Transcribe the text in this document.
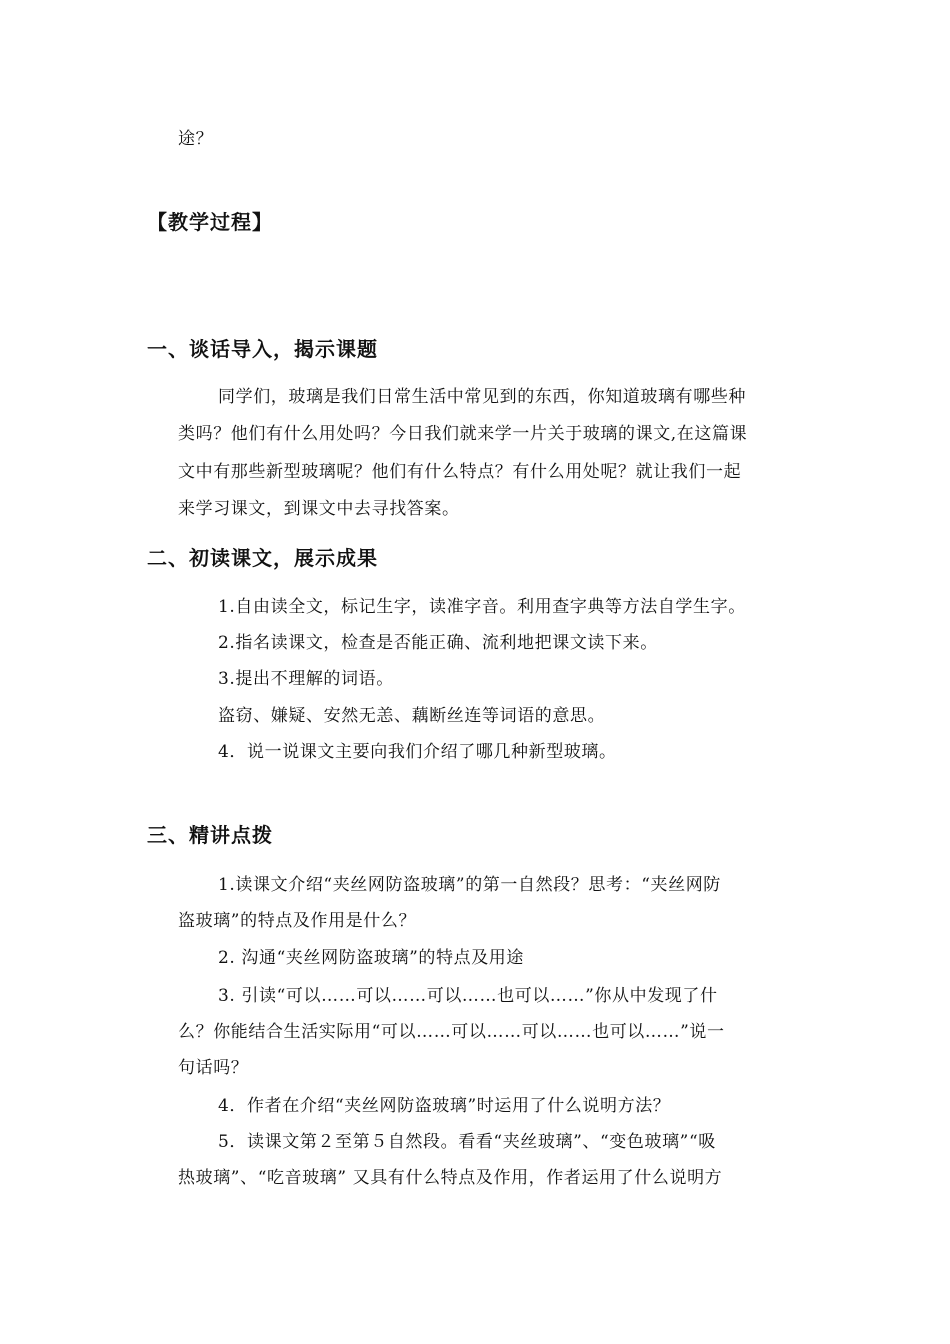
途？
【教学过程】
一、谈话导入，揭示课题
同学们，玻璃是我们日常生活中常见到的东西，你知道玻璃有哪些种
类吗？他们有什么用处吗？今日我们就来学一片关于玻璃的课文,在这篇课
文中有那些新型玻璃呢？他们有什么特点？有什么用处呢？就让我们一起
来学习课文，到课文中去寻找答案。
二、初读课文，展示成果
1.自由读全文，标记生字，读准字音。利用查字典等方法自学生字。
2.指名读课文，检查是否能正确、流利地把课文读下来。
3.提出不理解的词语。
盗窃、嫌疑、安然无恙、藕断丝连等词语的意思。
4．说一说课文主要向我们介绍了哪几种新型玻璃。
三、精讲点拨
1.读课文介绍“夹丝网防盗玻璃”的第一自然段？思考：“夹丝网防
盗玻璃”的特点及作用是什么？
2. 沟通“夹丝网防盗玻璃”的特点及用途
3. 引读“可以……可以……可以……也可以……”你从中发现了什
么？你能结合生活实际用“可以……可以……可以……也可以……”说一
句话吗？
4．作者在介绍“夹丝网防盗玻璃”时运用了什么说明方法？
5．读课文第２至第５自然段。看看“夹丝玻璃”、“变色玻璃”“吸
热玻璃”、“吃音玻璃” 又具有什么特点及作用，作者运用了什么说明方
